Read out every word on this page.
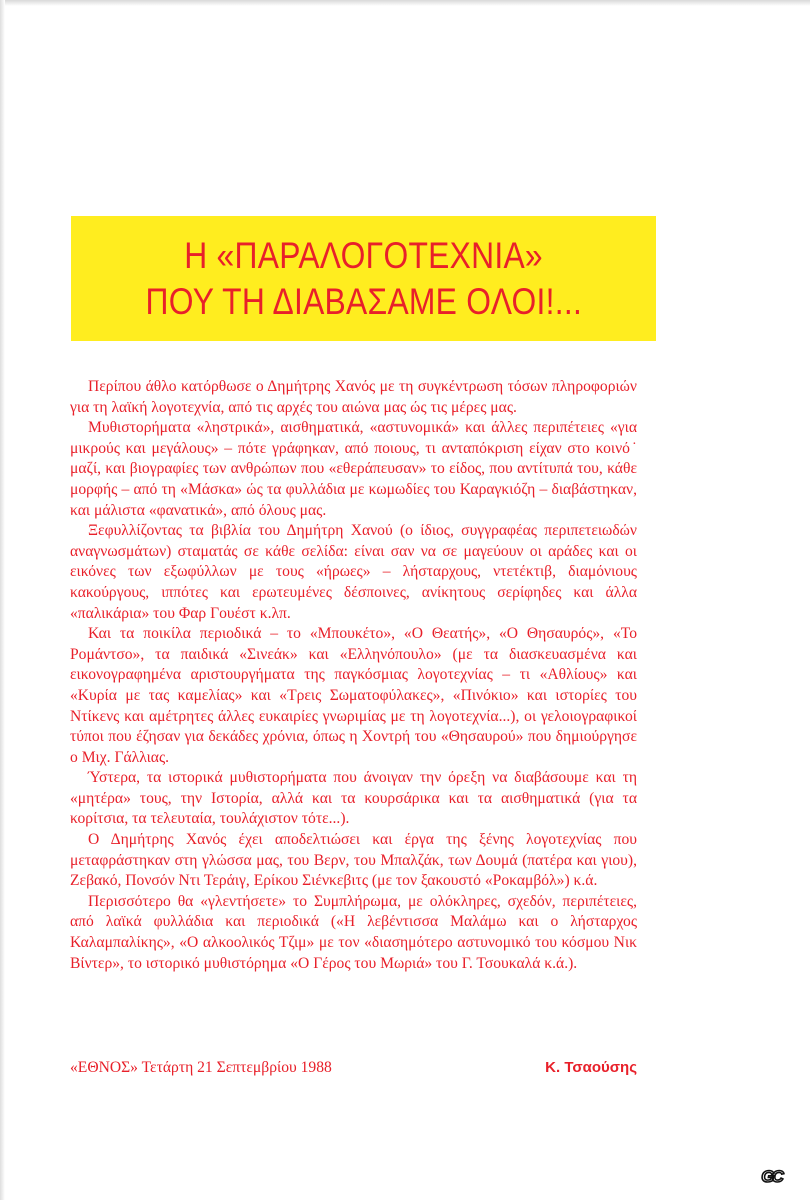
Η «ΠΑΡΑΛΟΓΟΤΕΧΝΙΑ»
ΠΟΥ ΤΗ ΔΙΑΒΑΣΑΜΕ ΟΛΟΙ!...

Περίπου άθλο κατόρθωσε ο Δημήτρης Χανός με τη συγκέντρωση τόσων πληροφοριών για τη λαϊκή λογοτεχνία, από τις αρχές του αιώνα μας ώς τις μέρες μας.

Μυθιστορήματα «ληστρικά», αισθηματικά, «αστυνομικά» και άλλες περιπέτειες «για μικρούς και μεγάλους» – πότε γράφηκαν, από ποιους, τι ανταπόκριση είχαν στο κοινό˙ μαζί, και βιογραφίες των ανθρώπων που «εθεράπευσαν» το είδος, που αντίτυπά του, κάθε μορφής – από τη «Μάσκα» ώς τα φυλλάδια με κωμωδίες του Καραγκιόζη – διαβάστηκαν, και μάλιστα «φανατικά», από όλους μας.

Ξεφυλλίζοντας τα βιβλία του Δημήτρη Χανού (ο ίδιος, συγγραφέας περιπετειωδών αναγνωσμάτων) σταματάς σε κάθε σελίδα: είναι σαν να σε μαγεύουν οι αράδες και οι εικόνες των εξωφύλλων με τους «ήρωες» – λήσταρχους, ντετέκτιβ, διαμόνιους κακούργους, ιππότες και ερωτευμένες δέσποινες, ανίκητους σερίφηδες και άλλα «παλικάρια» του Φαρ Γουέστ κ.λπ.

Και τα ποικίλα περιοδικά – το «Μπουκέτο», «Ο Θεατής», «Ο Θησαυρός», «Το Ρομάντσο», τα παιδικά «Σινεάκ» και «Ελληνόπουλο» (με τα διασκευασμένα και εικονογραφημένα αριστουργήματα της παγκόσμιας λογοτεχνίας – τι «Αθλίους» και «Κυρία με τας καμελίας» και «Τρεις Σωματοφύλακες», «Πινόκιο» και ιστορίες του Ντίκενς και αμέτρητες άλλες ευκαιρίες γνωριμίας με τη λογοτεχνία...), οι γελοιογραφικοί τύποι που έζησαν για δεκάδες χρόνια, όπως η Χοντρή του «Θησαυρού» που δημιούργησε ο Μιχ. Γάλλιας.

Ύστερα, τα ιστορικά μυθιστορήματα που άνοιγαν την όρεξη να διαβάσουμε και τη «μητέρα» τους, την Ιστορία, αλλά και τα κουρσάρικα και τα αισθηματικά (για τα κορίτσια, τα τελευταία, τουλάχιστον τότε...).

Ο Δημήτρης Χανός έχει αποδελτιώσει και έργα της ξένης λογοτεχνίας που μεταφράστηκαν στη γλώσσα μας, του Βερν, του Μπαλζάκ, των Δουμά (πατέρα και γιου), Ζεβακό, Πονσόν Ντι Τεράιγ, Ερίκου Σιένκεβιτς (με τον ξακουστό «Ροκαμβόλ») κ.ά.

Περισσότερο θα «γλεντήσετε» το Συμπλήρωμα, με ολόκληρες, σχεδόν, περιπέτειες, από λαϊκά φυλλάδια και περιοδικά («Η λεβέντισσα Μαλάμω και ο λήσταρχος Καλαμπαλίκης», «Ο αλκοολικός Τζιμ» με τον «διασημότερο αστυνομικό του κόσμου Νικ Βίντερ», το ιστορικό μυθιστόρημα «Ο Γέρος του Μωριά» του Γ. Τσουκαλά κ.ά.).

«ΕΘΝΟΣ» Τετάρτη 21 Σεπτεμβρίου 1988	Κ. Τσαούσης
GC
